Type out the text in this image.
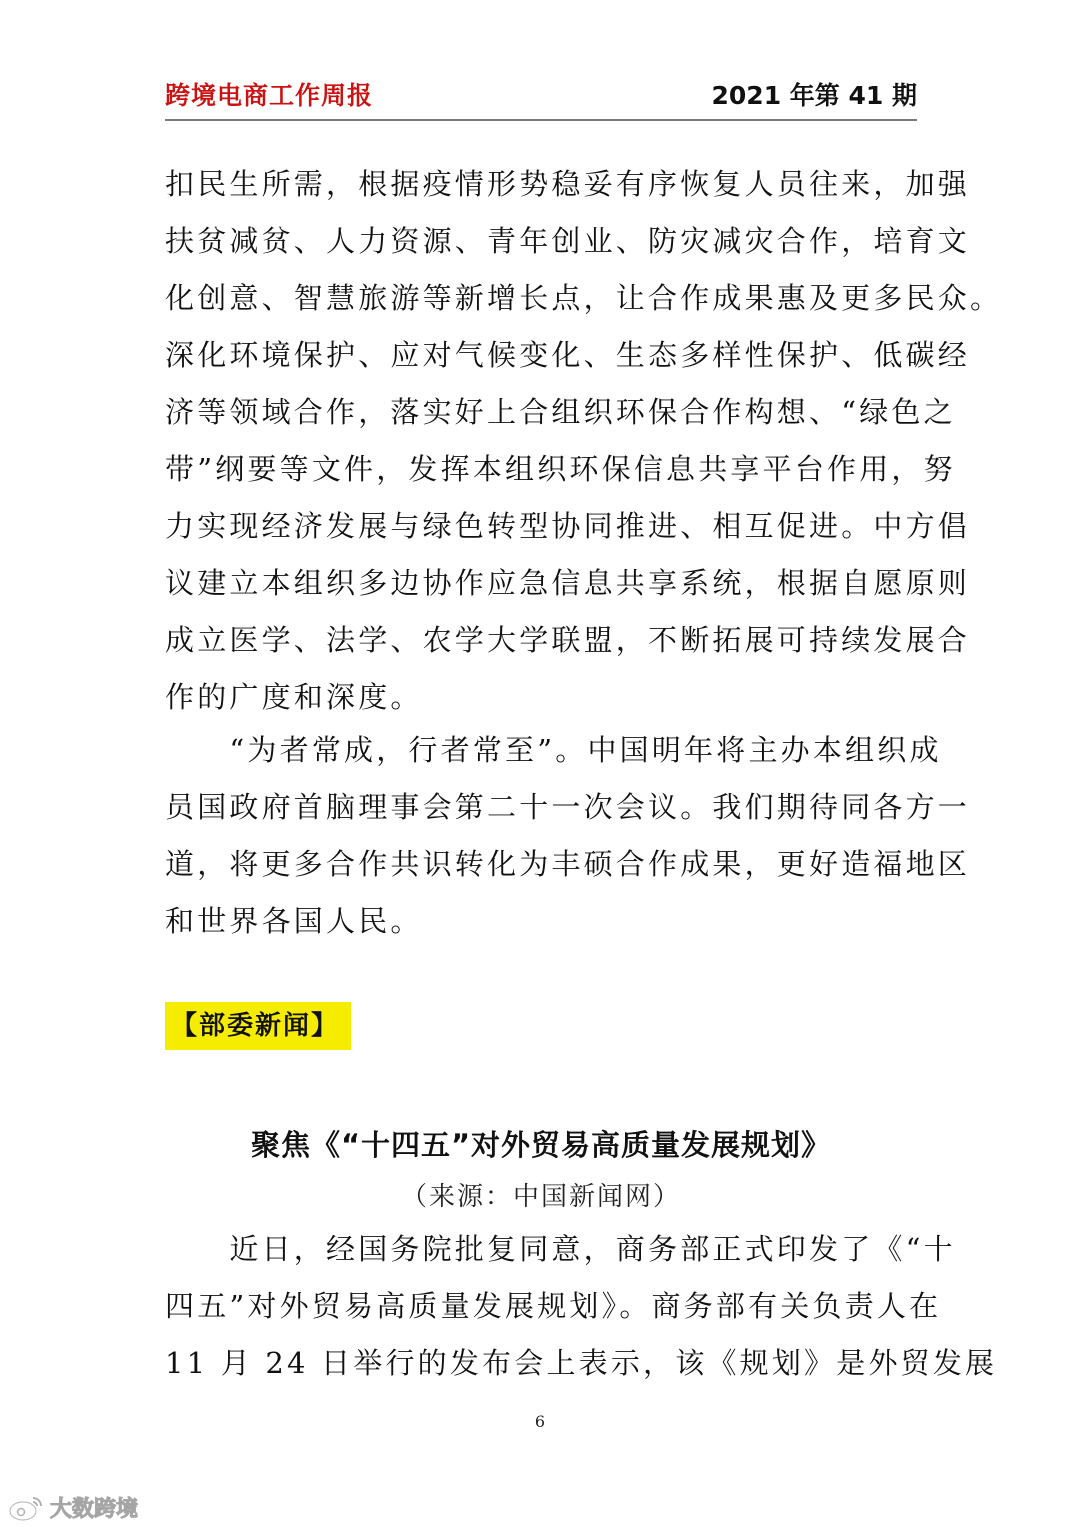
跨境电商工作周报	2021 年第 41 期
扣民生所需，根据疫情形势稳妥有序恢复人员往来，加强
扶贫减贫、人力资源、青年创业、防灾减灾合作，培育文
化创意、智慧旅游等新增长点，让合作成果惠及更多民众。
深化环境保护、应对气候变化、生态多样性保护、低碳经
济等领域合作，落实好上合组织环保合作构想、“绿色之
带”纲要等文件，发挥本组织环保信息共享平台作用，努
力实现经济发展与绿色转型协同推进、相互促进。中方倡
议建立本组织多边协作应急信息共享系统，根据自愿原则
成立医学、法学、农学大学联盟，不断拓展可持续发展合
作的广度和深度。
　　“为者常成，行者常至”。中国明年将主办本组织成
员国政府首脑理事会第二十一次会议。我们期待同各方一
道，将更多合作共识转化为丰硕合作成果，更好造福地区
和世界各国人民。
【部委新闻】
聚焦《“十四五”对外贸易高质量发展规划》
（来源：中国新闻网）
　　近日，经国务院批复同意，商务部正式印发了《“十
四五”对外贸易高质量发展规划》。商务部有关负责人在
11 月 24 日举行的发布会上表示，该《规划》是外贸发展
6
大数跨境
